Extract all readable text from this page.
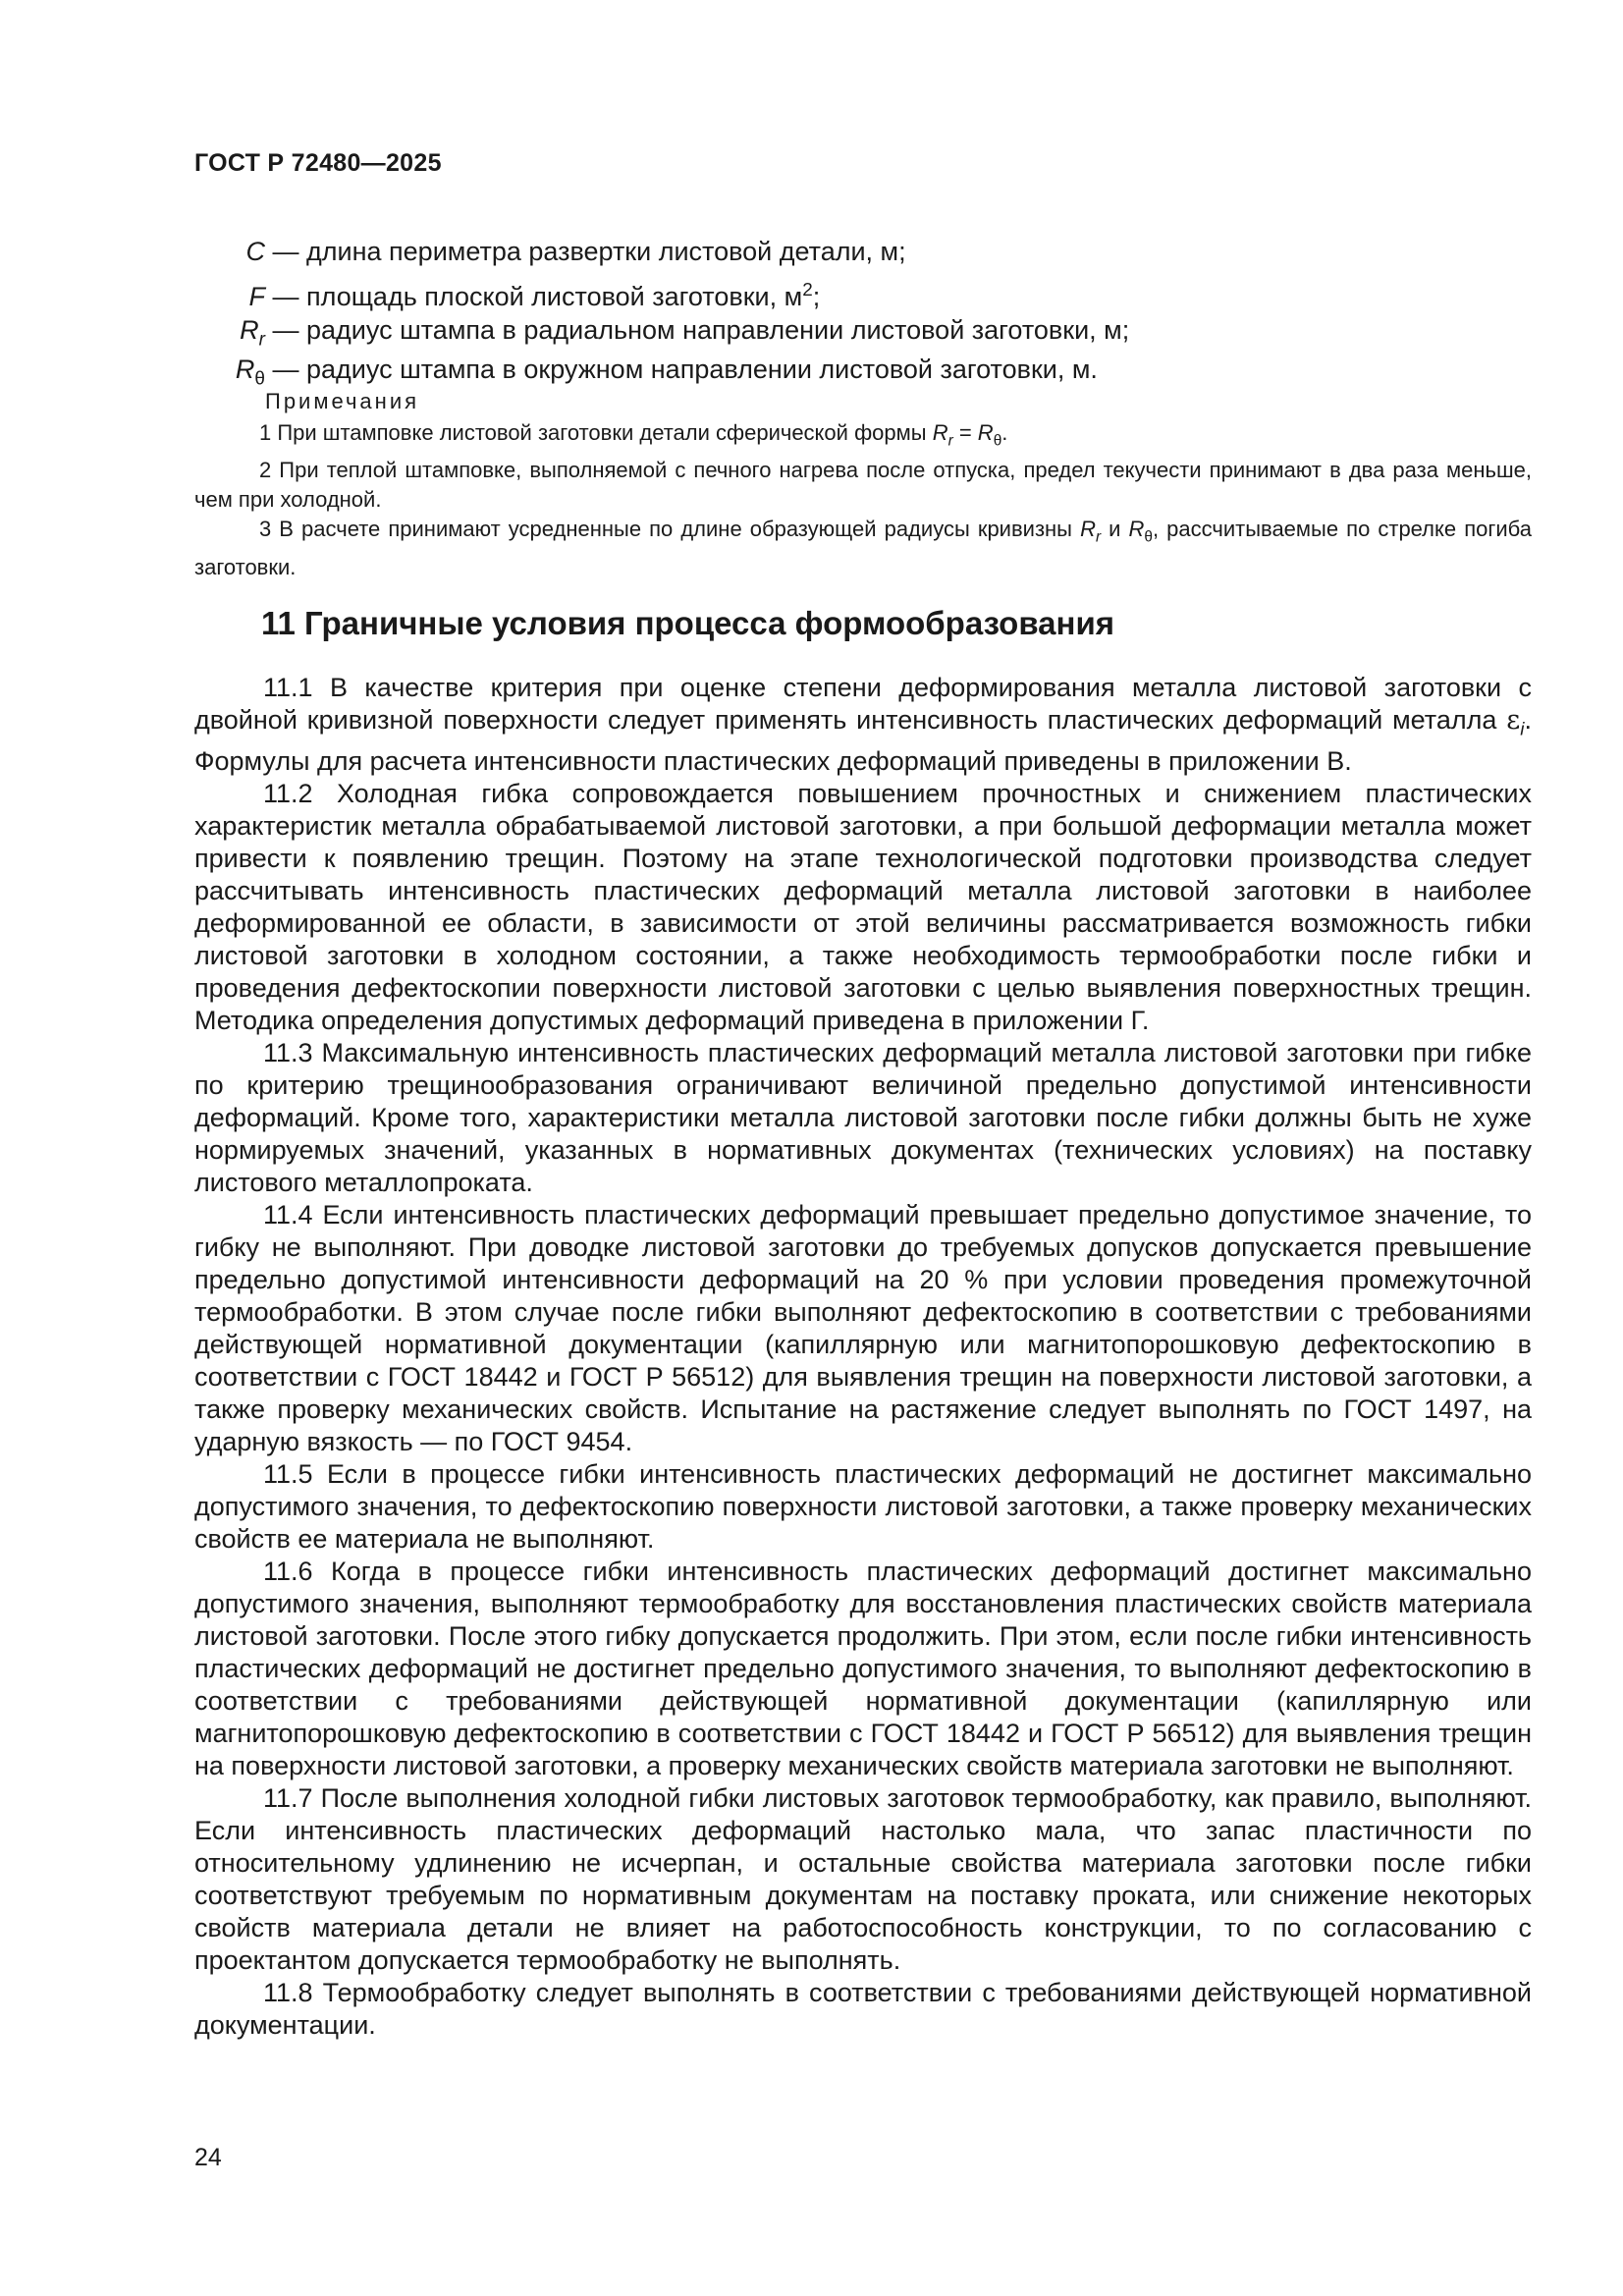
ГОСТ Р 72480—2025
C — длина периметра развертки листовой детали, м;
F — площадь плоской листовой заготовки, $м^2$;
$R_r$ — радиус штампа в радиальном направлении листовой заготовки, м;
$R_\theta$ — радиус штампа в окружном направлении листовой заготовки, м.
Примечания
1 При штамповке листовой заготовки детали сферической формы $R_r = R_\theta$.
2 При теплой штамповке, выполняемой с печного нагрева после отпуска, предел текучести принимают в два раза меньше, чем при холодной.
3 В расчете принимают усредненные по длине образующей радиусы кривизны $R_r$ и $R_\theta$, рассчитываемые по стрелке погиба заготовки.
11 Граничные условия процесса формообразования

11.1 В качестве критерия при оценке степени деформирования металла листовой заготовки с двойной кривизной поверхности следует применять интенсивность пластических деформаций металла $\varepsilon_i$. Формулы для расчета интенсивности пластических деформаций приведены в приложении В.

11.2 Холодная гибка сопровождается повышением прочностных и снижением пластических характеристик металла обрабатываемой листовой заготовки, а при большой деформации металла может привести к появлению трещин. Поэтому на этапе технологической подготовки производства следует рассчитывать интенсивность пластических деформаций металла листовой заготовки в наиболее деформированной ее области, в зависимости от этой величины рассматривается возможность гибки листовой заготовки в холодном состоянии, а также необходимость термообработки после гибки и проведения дефектоскопии поверхности листовой заготовки с целью выявления поверхностных трещин. Методика определения допустимых деформаций приведена в приложении Г.

11.3 Максимальную интенсивность пластических деформаций металла листовой заготовки при гибке по критерию трещинообразования ограничивают величиной предельно допустимой интенсивности деформаций. Кроме того, характеристики металла листовой заготовки после гибки должны быть не хуже нормируемых значений, указанных в нормативных документах (технических условиях) на поставку листового металлопроката.

11.4 Если интенсивность пластических деформаций превышает предельно допустимое значение, то гибку не выполняют. При доводке листовой заготовки до требуемых допусков допускается превышение предельно допустимой интенсивности деформаций на 20 % при условии проведения промежуточной термообработки. В этом случае после гибки выполняют дефектоскопию в соответствии с требованиями действующей нормативной документации (капиллярную или магнитопорошковую дефектоскопию в соответствии с ГОСТ 18442 и ГОСТ Р 56512) для выявления трещин на поверхности листовой заготовки, а также проверку механических свойств. Испытание на растяжение следует выполнять по ГОСТ 1497, на ударную вязкость — по ГОСТ 9454.

11.5 Если в процессе гибки интенсивность пластических деформаций не достигнет максимально допустимого значения, то дефектоскопию поверхности листовой заготовки, а также проверку механических свойств ее материала не выполняют.

11.6 Когда в процессе гибки интенсивность пластических деформаций достигнет максимально допустимого значения, выполняют термообработку для восстановления пластических свойств материала листовой заготовки. После этого гибку допускается продолжить. При этом, если после гибки интенсивность пластических деформаций не достигнет предельно допустимого значения, то выполняют дефектоскопию в соответствии с требованиями действующей нормативной документации (капиллярную или магнитопорошковую дефектоскопию в соответствии с ГОСТ 18442 и ГОСТ Р 56512) для выявления трещин на поверхности листовой заготовки, а проверку механических свойств материала заготовки не выполняют.

11.7 После выполнения холодной гибки листовых заготовок термообработку, как правило, выполняют. Если интенсивность пластических деформаций настолько мала, что запас пластичности по относительному удлинению не исчерпан, и остальные свойства материала заготовки после гибки соответствуют требуемым по нормативным документам на поставку проката, или снижение некоторых свойств материала детали не влияет на работоспособность конструкции, то по согласованию с проектантом допускается термообработку не выполнять.

11.8 Термообработку следует выполнять в соответствии с требованиями действующей нормативной документации.

24
